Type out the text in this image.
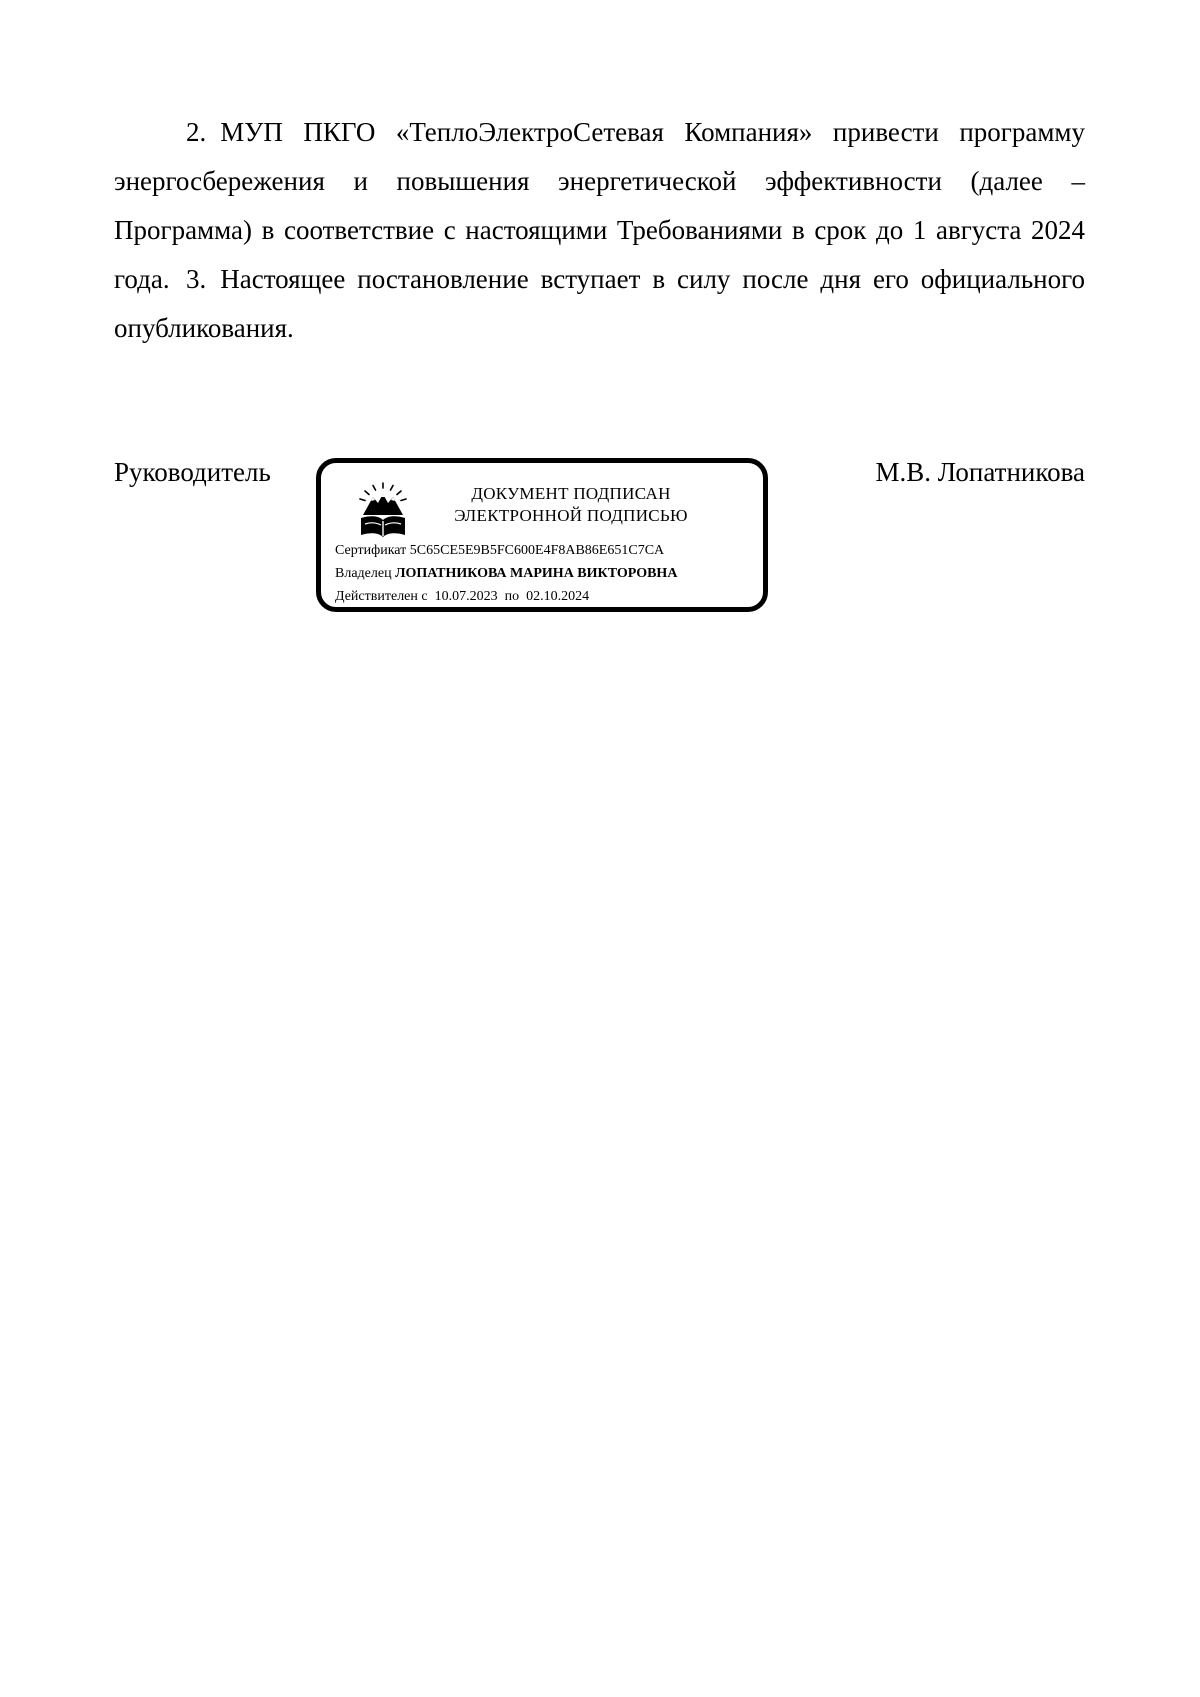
2. МУП ПКГО «ТеплоЭлектроСетевая Компания» привести программу энергосбережения и повышения энергетической эффективности (далее – Программа) в соответствие с настоящими Требованиями в срок до 1 августа 2024 года. 3. Настоящее постановление вступает в силу после дня его официального опубликования.

Руководитель	М.В. Лопатникова
ДОКУМЕНТ ПОДПИСАН
ЭЛЕКТРОННОЙ ПОДПИСЬЮ
Сертификат 5C65CE5E9B5FC600E4F8AB86E651C7CA
Владелец ЛОПАТНИКОВА МАРИНА ВИКТОРОВНА
Действителен с 10.07.2023 по 02.10.2024
